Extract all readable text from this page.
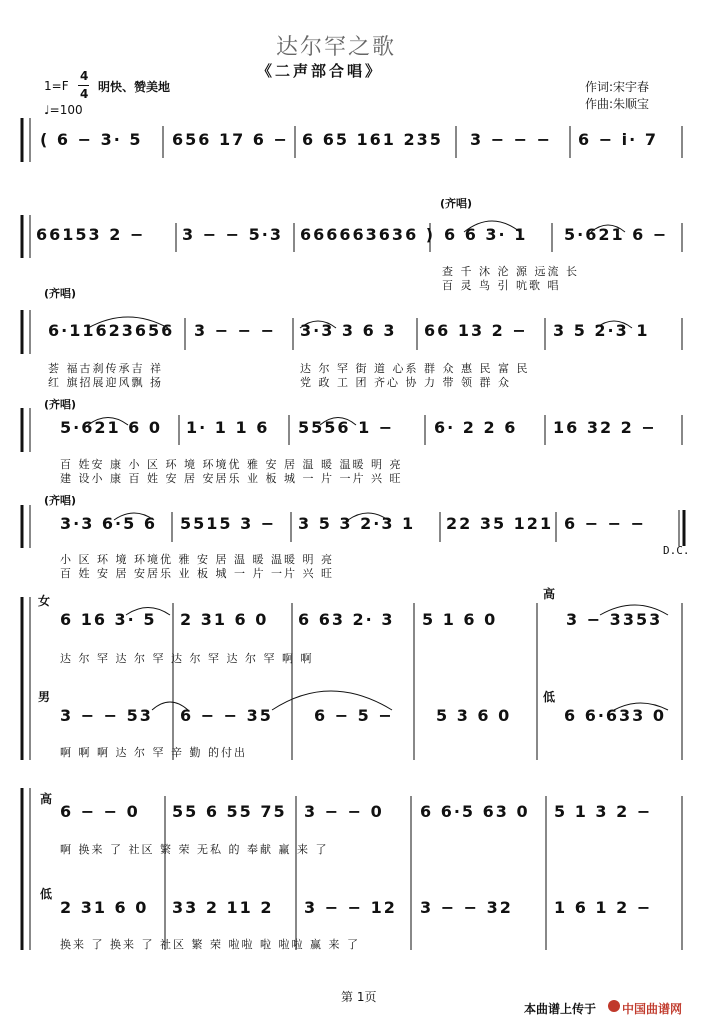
达尔罕之歌
《二声部合唱》
1=F
4
4 明快、赞美地
♩=100
作词:宋宇春
作曲:朱顺宝
( 6 − 3· 5 656 17 6 − 6 65 161 235 3 − − − 6 − i· 7
(齐唱)
66153 2 − 3 − − 5·3 666663636 ) 6 6 3· 1 5·621 6 −
查 千 沐 沦 源 远流 长
百 灵 鸟 引 吭歌 唱
(齐唱)
6·11623656 3 − − − 3·3 3 6 3 66 13 2 − 3 5 2·3 1
荟 福古刹传承吉 祥
红 旗招展迎风飘 扬
达 尔 罕 街 道 心系 群 众 惠 民 富 民
党 政 工 团 齐心 协 力 带 领 群 众
(齐唱)
5·621 6 0 1· 1 1 6 5556 1 − 6· 2 2 6 16 32 2 −
百 姓安 康 小 区 环 境 环境优 雅 安 居 温 暖 温暖 明 亮
建 设小 康 百 姓 安 居 安居乐 业 板 城 一 片 一片 兴 旺
(齐唱)
3·3 6·5 6 5515 3 − 3 5 3 2·3 1 22 35 121 6 − − −
小 区 环 境 环境优 雅 安 居 温 暖 温暖 明 亮
百 姓 安 居 安居乐 业 板 城 一 片 一片 兴 旺
D.C.
女	高
6 16 3· 5 2 31 6 0 6 63 2· 3 5 1 6 0	3 − 3353
达 尔 罕 达 尔 罕 达 尔 罕 达 尔 罕 啊 啊
男	低
3 − − 53 6 − − 35	6 − 5 −	5 3 6 0	6 6·633 0
啊 啊 啊 达 尔 罕 辛 勤 的付出
高
6 − − 0 55 6 55 75 3 − − 0 6 6·5 63 0 5 1 3 2 −
啊 换来 了 社区 繁 荣 无私 的 奉献 赢 来 了
低
2 31 6 0 33 2 11 2 3 − − 12 3 − − 32	1 6 1 2 −
换来 了 换来 了 社区 繁 荣 啦啦 啦 啦啦 赢 来 了
第 1页
本曲谱上传于 中国曲谱网
